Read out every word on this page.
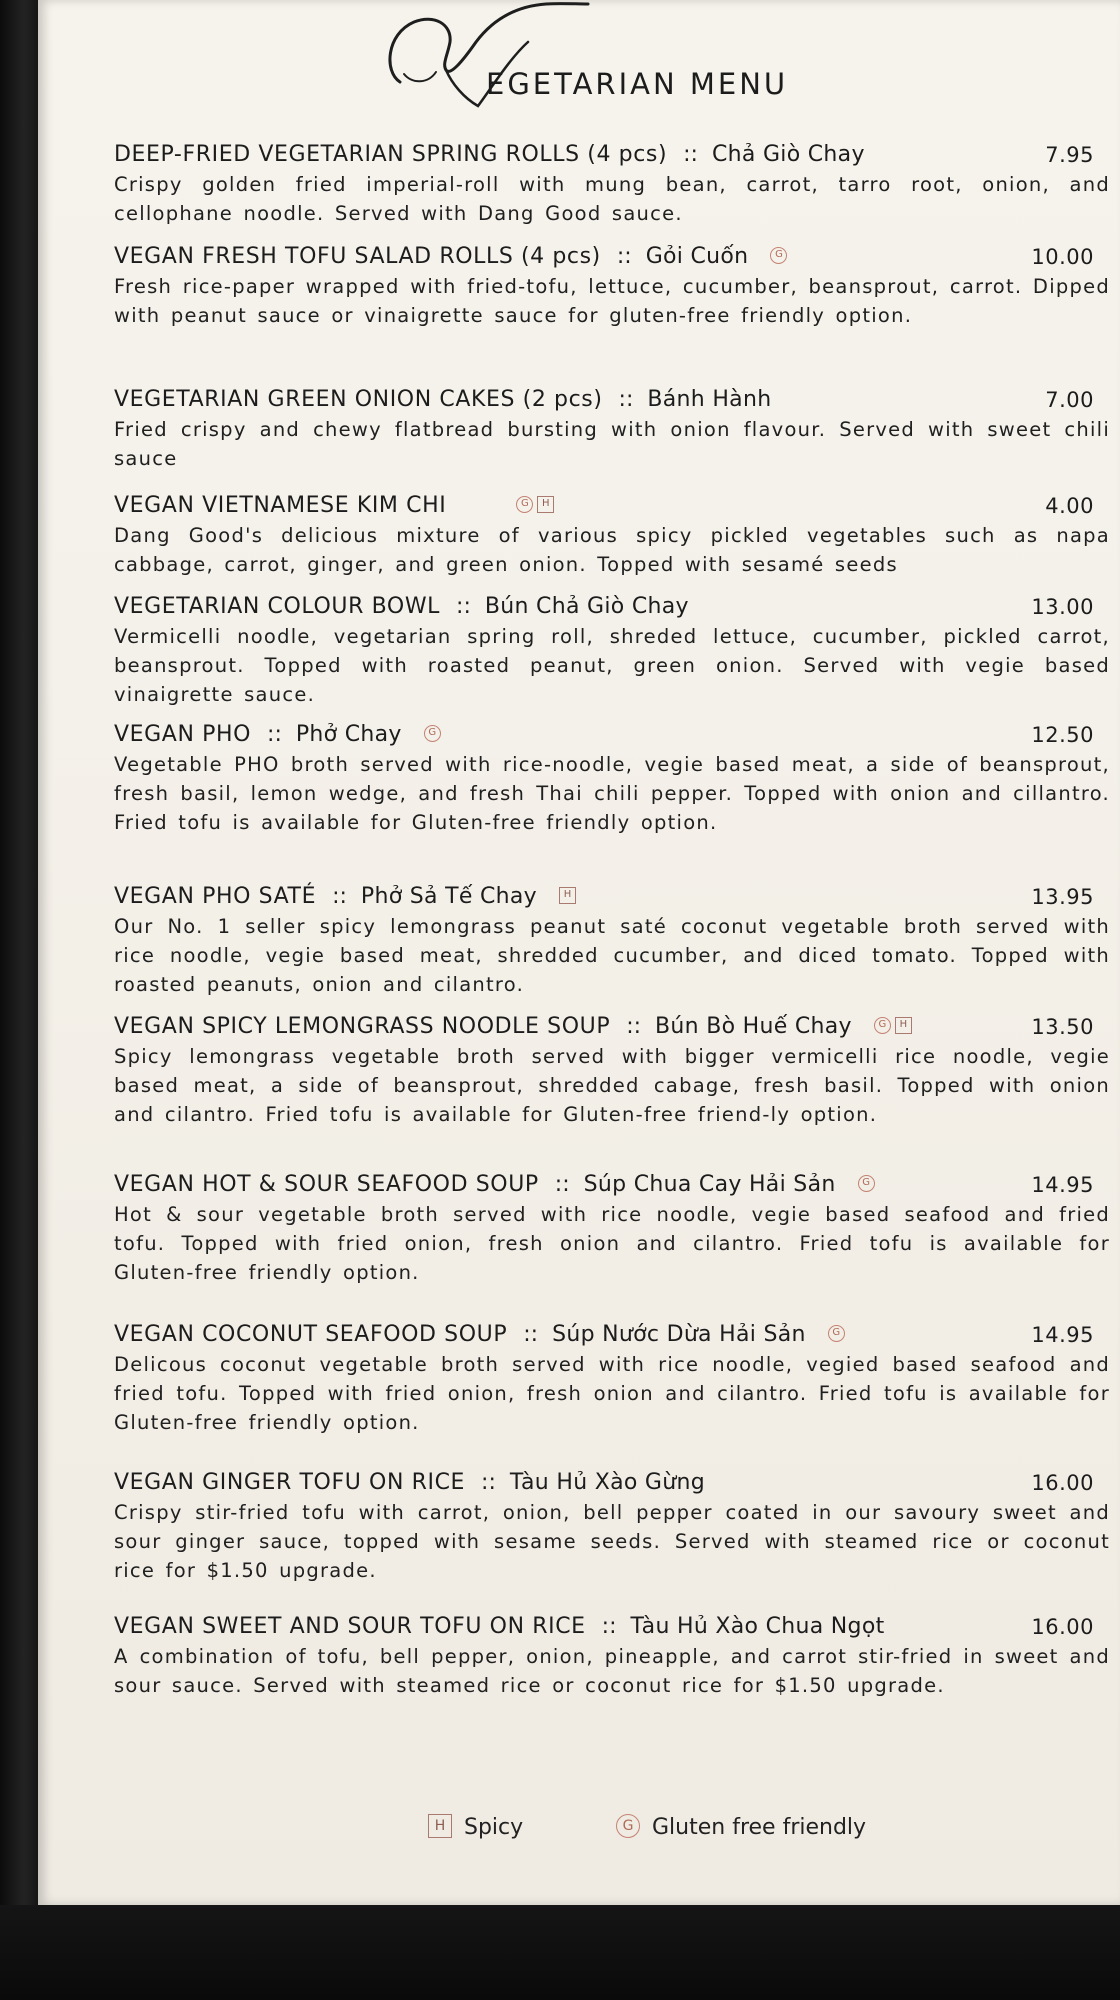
EGETARIAN MENU
DEEP-FRIED VEGETARIAN SPRING ROLLS (4 pcs) :: Chả Giò Chay	7.95
Crispy golden fried imperial-roll with mung bean, carrot, tarro root, onion, and cellophane noodle. Served with Dang Good sauce.
VEGAN FRESH TOFU SALAD ROLLS (4 pcs) :: Gỏi Cuốn	G	10.00
Fresh rice-paper wrapped with fried-tofu, lettuce, cucumber, beansprout, carrot. Dipped with peanut sauce or vinaigrette sauce for gluten-free friendly option.
VEGETARIAN GREEN ONION CAKES (2 pcs) :: Bánh Hành	7.00
Fried crispy and chewy flatbread bursting with onion flavour. Served with sweet chili sauce
VEGAN VIETNAMESE KIM CHI	G	H	4.00
Dang Good's delicious mixture of various spicy pickled vegetables such as napa cabbage, carrot, ginger, and green onion. Topped with sesamé seeds
VEGETARIAN COLOUR BOWL :: Bún Chả Giò Chay	13.00
Vermicelli noodle, vegetarian spring roll, shreded lettuce, cucumber, pickled carrot, beansprout. Topped with roasted peanut, green onion. Served with vegie based vinaigrette sauce.
VEGAN PHO :: Phở Chay	G	12.50
Vegetable PHO broth served with rice-noodle, vegie based meat, a side of beansprout, fresh basil, lemon wedge, and fresh Thai chili pepper. Topped with onion and cillantro. Fried tofu is available for Gluten-free friendly option.
VEGAN PHO SATÉ :: Phở Sả Tế Chay	H	13.95
Our No. 1 seller spicy lemongrass peanut saté coconut vegetable broth served with rice noodle, vegie based meat, shredded cucumber, and diced tomato. Topped with roasted peanuts, onion and cilantro.
VEGAN SPICY LEMONGRASS NOODLE SOUP :: Bún Bò Huế Chay	G	H	13.50
Spicy lemongrass vegetable broth served with bigger vermicelli rice noodle, vegie based meat, a side of beansprout, shredded cabage, fresh basil. Topped with onion and cilantro. Fried tofu is available for Gluten-free friend-ly option.
VEGAN HOT & SOUR SEAFOOD SOUP :: Súp Chua Cay Hải Sản	G	14.95
Hot & sour vegetable broth served with rice noodle, vegie based seafood and fried tofu. Topped with fried onion, fresh onion and cilantro. Fried tofu is available for Gluten-free friendly option.
VEGAN COCONUT SEAFOOD SOUP :: Súp Nước Dừa Hải Sản	G	14.95
Delicous coconut vegetable broth served with rice noodle, vegied based seafood and fried tofu. Topped with fried onion, fresh onion and cilantro. Fried tofu is available for Gluten-free friendly option.
VEGAN GINGER TOFU ON RICE :: Tàu Hủ Xào Gừng	16.00
Crispy stir-fried tofu with carrot, onion, bell pepper coated in our savoury sweet and sour ginger sauce, topped with sesame seeds. Served with steamed rice or coconut rice for $1.50 upgrade.
VEGAN SWEET AND SOUR TOFU ON RICE :: Tàu Hủ Xào Chua Ngọt	16.00
A combination of tofu, bell pepper, onion, pineapple, and carrot stir-fried in sweet and sour sauce. Served with steamed rice or coconut rice for $1.50 upgrade.
H Spicy	G Gluten free friendly
